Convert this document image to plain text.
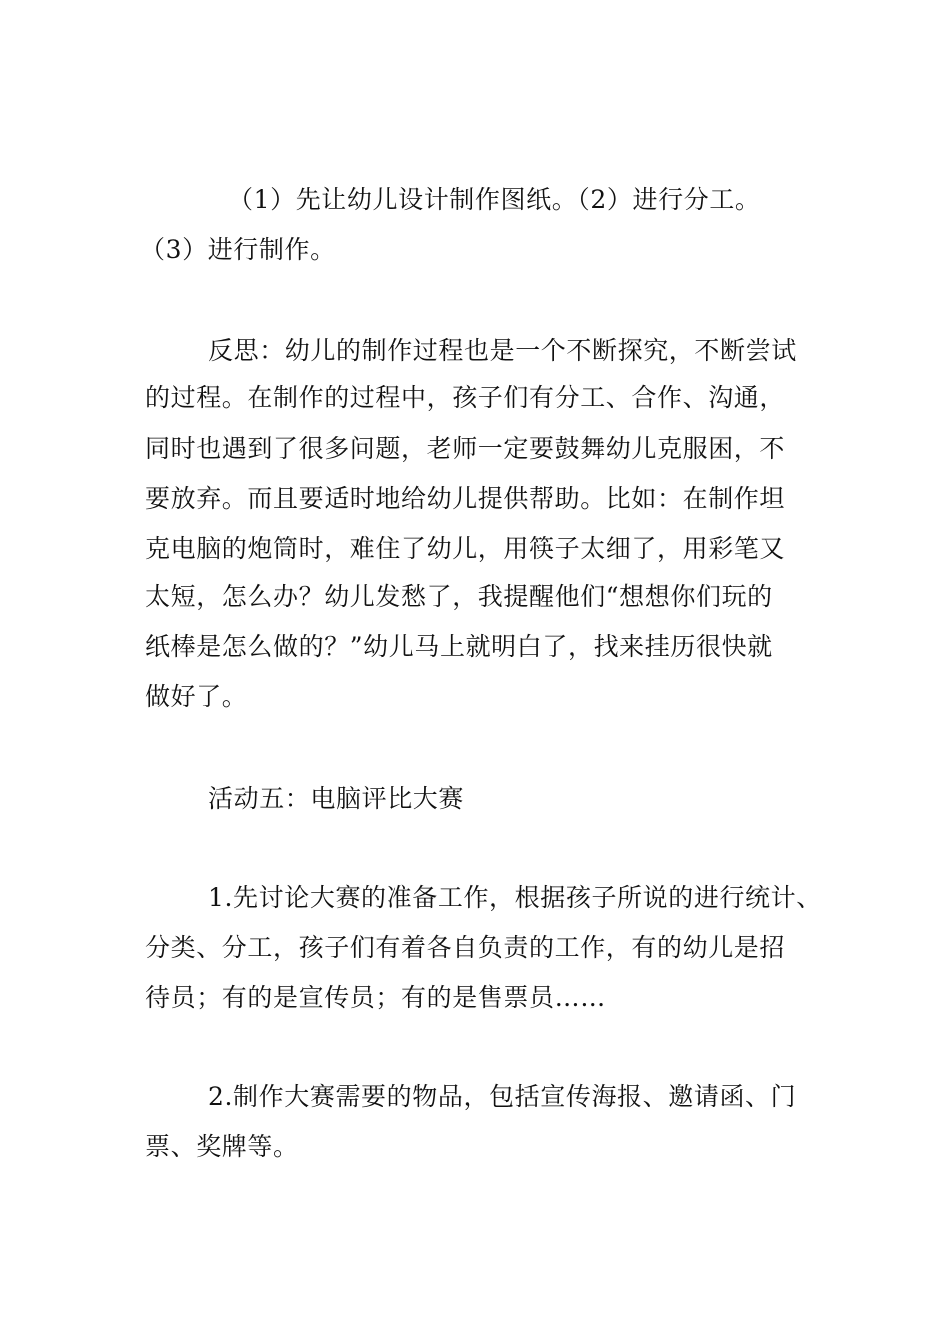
（1）先让幼儿设计制作图纸。（2）进行分工。
（3）进行制作。
反思：幼儿的制作过程也是一个不断探究，不断尝试
的过程。在制作的过程中，孩子们有分工、合作、沟通，
同时也遇到了很多问题，老师一定要鼓舞幼儿克服困，不
要放弃。而且要适时地给幼儿提供帮助。比如：在制作坦
克电脑的炮筒时，难住了幼儿，用筷子太细了，用彩笔又
太短，怎么办？幼儿发愁了，我提醒他们“想想你们玩的
纸棒是怎么做的？”幼儿马上就明白了，找来挂历很快就
做好了。
活动五：电脑评比大赛
1.先讨论大赛的准备工作，根据孩子所说的进行统计、
分类、分工，孩子们有着各自负责的工作，有的幼儿是招
待员；有的是宣传员；有的是售票员……
2.制作大赛需要的物品，包括宣传海报、邀请函、门
票、奖牌等。
